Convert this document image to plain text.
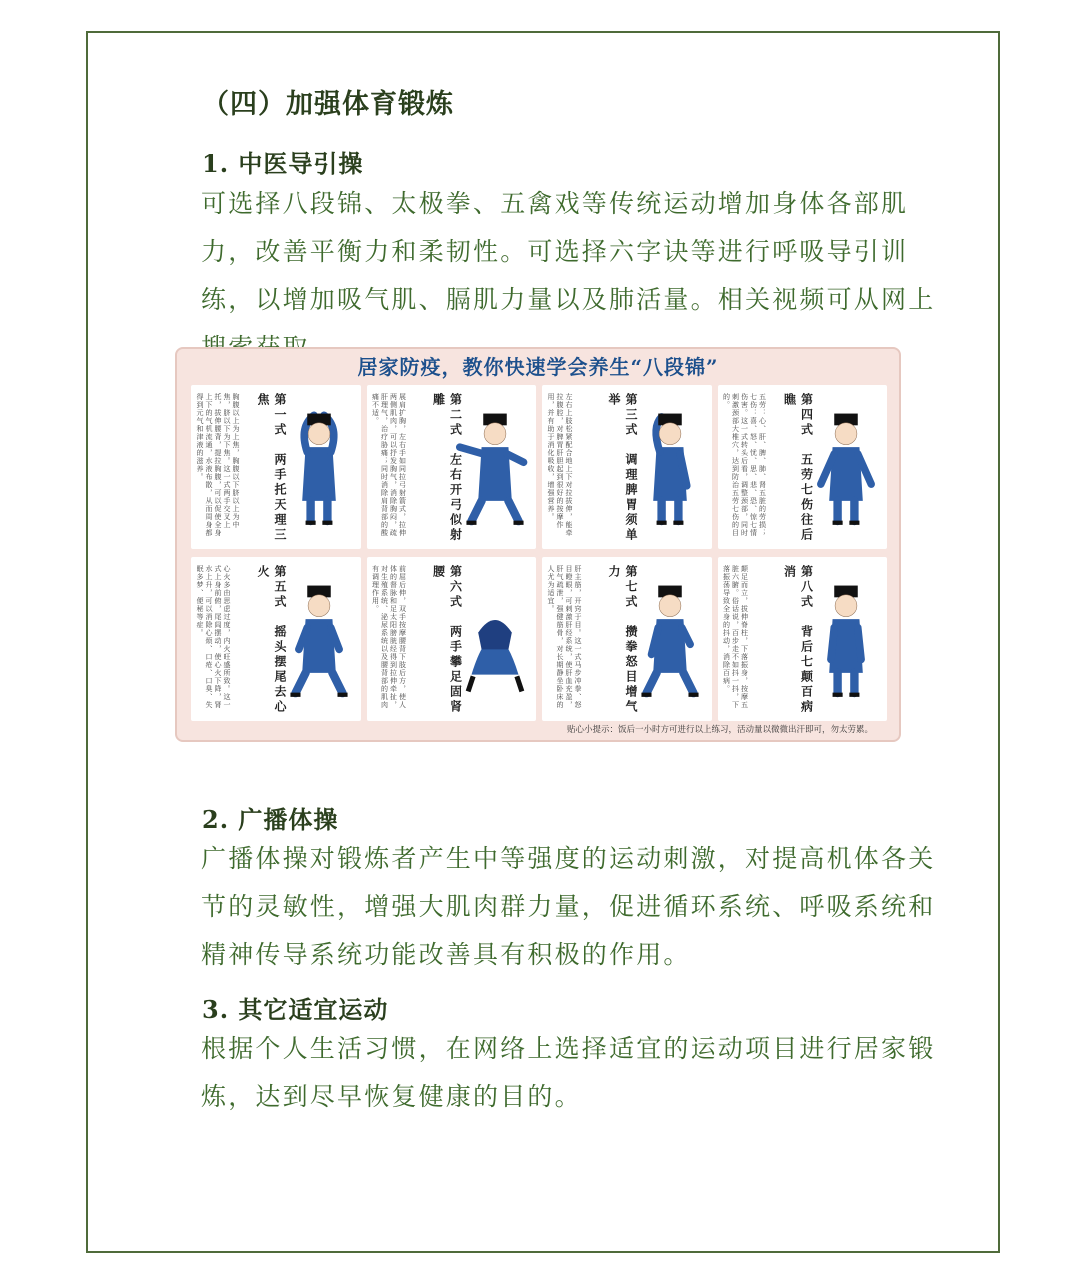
（四）加强体育锻炼
1. 中医导引操
可选择八段锦、太极拳、五禽戏等传统运动增加身体各部肌力，改善平衡力和柔韧性。可选择六字诀等进行呼吸导引训练，以增加吸气肌、膈肌力量以及肺活量。相关视频可从网上
居家防疫，教你快速学会养生“八段锦”
胸腹以上为上焦，胸腹以下脐以上为中焦，脐以下为下焦。这一式两手交叉上托，拔伸腰背，提拉胸腹，可以促使全身上下的气机流通，水液布散，从而周身都得到元气和津液的滋养。	第一式　两手托天理三焦	展肩扩胸，左右手如同拉弓射箭式，拉伸两侧肌肉，可以抒发胸气，消除胸闷，疏肝理气，治疗胁痛；同时消除肩背部的酸痛不适。	第二式　左右开弓似射雕	左右上肢松紧配合地上下对拉拔伸，能牵拉腹腔，对脾胃肝胆起到很好的按摩作用，并有助于消化吸收，增强营养。	第三式　调理脾胃须单举	五劳：心、肝、脾、肺、肾五脏的劳损；七伤：喜、怒、忧、思、悲、恐、惊七情伤害。这一式转头后看，调整颈部，同时刺激颈部大椎穴，达到防治五劳七伤的目的。	第四式　五劳七伤往后瞧
心火多由思虑过度，内火旺盛所致。这一式上身前俯，尾闾摆动，使心火下降，肾水上升，可以消除心烦、口疮、口臭、失眠多梦、便秘等症。	第五式　摇头摆尾去心火	前屈后伸，双手按摩腰背下肢后方，使人体的督脉和足太阳膀胱经得到拉伸牵扯，对生殖系统、泌尿系统以及腰背部的肌肉有调理作用。	第六式　两手攀足固肾腰	肝主筋，开窍于目。这一式马步冲拳、怒目瞪眼，可刺激肝经系统，使肝血充盈，肝气疏泄，强健筋骨，对长期静坐卧床的人尤为适宜。	第七式　攒拳怒目增气力	颠足而立，拔伸脊柱，下落振身，按摩五脏六腑。俗话说，百步走不如抖一抖，下落振荡导致全身的抖动，消除百病。	第八式　背后七颠百病消
贴心小提示：饭后一小时方可进行以上练习，活动量以微微出汗即可，勿太劳累。
2. 广播体操
广播体操对锻炼者产生中等强度的运动刺激，对提高机体各关节的灵敏性，增强大肌肉群力量，促进循环系统、呼吸系统和精神传导系统功能改善具有积极的作用。
3. 其它适宜运动
根据个人生活习惯，在网络上选择适宜的运动项目进行居家锻炼，达到尽早恢复健康的目的。
